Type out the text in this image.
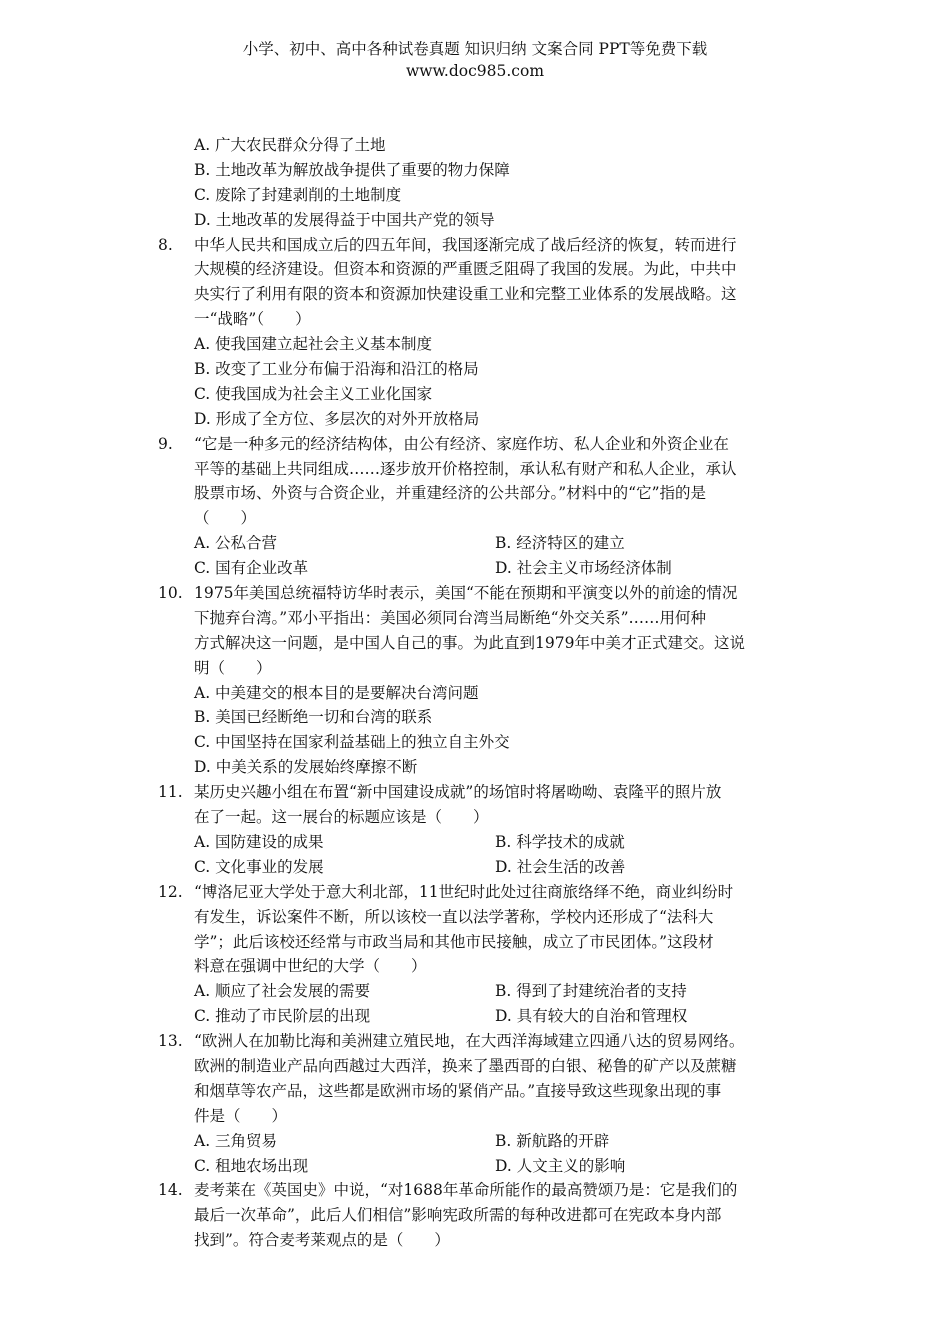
小学、初中、高中各种试卷真题 知识归纳 文案合同 PPT等免费下载
www.doc985.com
A. 广大农民群众分得了土地
B. 土地改革为解放战争提供了重要的物力保障
C. 废除了封建剥削的土地制度
D. 土地改革的发展得益于中国共产党的领导
8.	中华人民共和国成立后的四五年间，我国逐渐完成了战后经济的恢复，转而进行
大规模的经济建设。但资本和资源的严重匮乏阻碍了我国的发展。为此，中共中
央实行了利用有限的资本和资源加快建设重工业和完整工业体系的发展战略。这
一“战略”（　　）
A. 使我国建立起社会主义基本制度
B. 改变了工业分布偏于沿海和沿江的格局
C. 使我国成为社会主义工业化国家
D. 形成了全方位、多层次的对外开放格局
9.	“它是一种多元的经济结构体，由公有经济、家庭作坊、私人企业和外资企业在
平等的基础上共同组成……逐步放开价格控制，承认私有财产和私人企业，承认
股票市场、外资与合资企业，并重建经济的公共部分。”材料中的“它”指的是
（　　）
A. 公私合营	B. 经济特区的建立
C. 国有企业改革	D. 社会主义市场经济体制
10. 1975年美国总统福特访华时表示，美国“不能在预期和平演变以外的前途的情况
下抛弃台湾。”邓小平指出：美国必须同台湾当局断绝“外交关系”……用何种
方式解决这一问题，是中国人自己的事。为此直到1979年中美才正式建交。这说
明（　　）
A. 中美建交的根本目的是要解决台湾问题
B. 美国已经断绝一切和台湾的联系
C. 中国坚持在国家利益基础上的独立自主外交
D. 中美关系的发展始终摩擦不断
11. 某历史兴趣小组在布置“新中国建设成就”的场馆时将屠呦呦、袁隆平的照片放
在了一起。这一展台的标题应该是（　　）
A. 国防建设的成果	B. 科学技术的成就
C. 文化事业的发展	D. 社会生活的改善
12. “博洛尼亚大学处于意大利北部，11世纪时此处过往商旅络绎不绝，商业纠纷时
有发生，诉讼案件不断，所以该校一直以法学著称，学校内还形成了“法科大
学”；此后该校还经常与市政当局和其他市民接触，成立了市民团体。”这段材
料意在强调中世纪的大学（　　）
A. 顺应了社会发展的需要	B. 得到了封建统治者的支持
C. 推动了市民阶层的出现	D. 具有较大的自治和管理权
13. “欧洲人在加勒比海和美洲建立殖民地，在大西洋海域建立四通八达的贸易网络。
欧洲的制造业产品向西越过大西洋，换来了墨西哥的白银、秘鲁的矿产以及蔗糖
和烟草等农产品，这些都是欧洲市场的紧俏产品。”直接导致这些现象出现的事
件是（　　）
A. 三角贸易	B. 新航路的开辟
C. 租地农场出现	D. 人文主义的影响
14. 麦考莱在《英国史》中说，“对1688年革命所能作的最高赞颂乃是：它是我们的
最后一次革命”，此后人们相信”影响宪政所需的每种改进都可在宪政本身内部
找到”。符合麦考莱观点的是（　　）
